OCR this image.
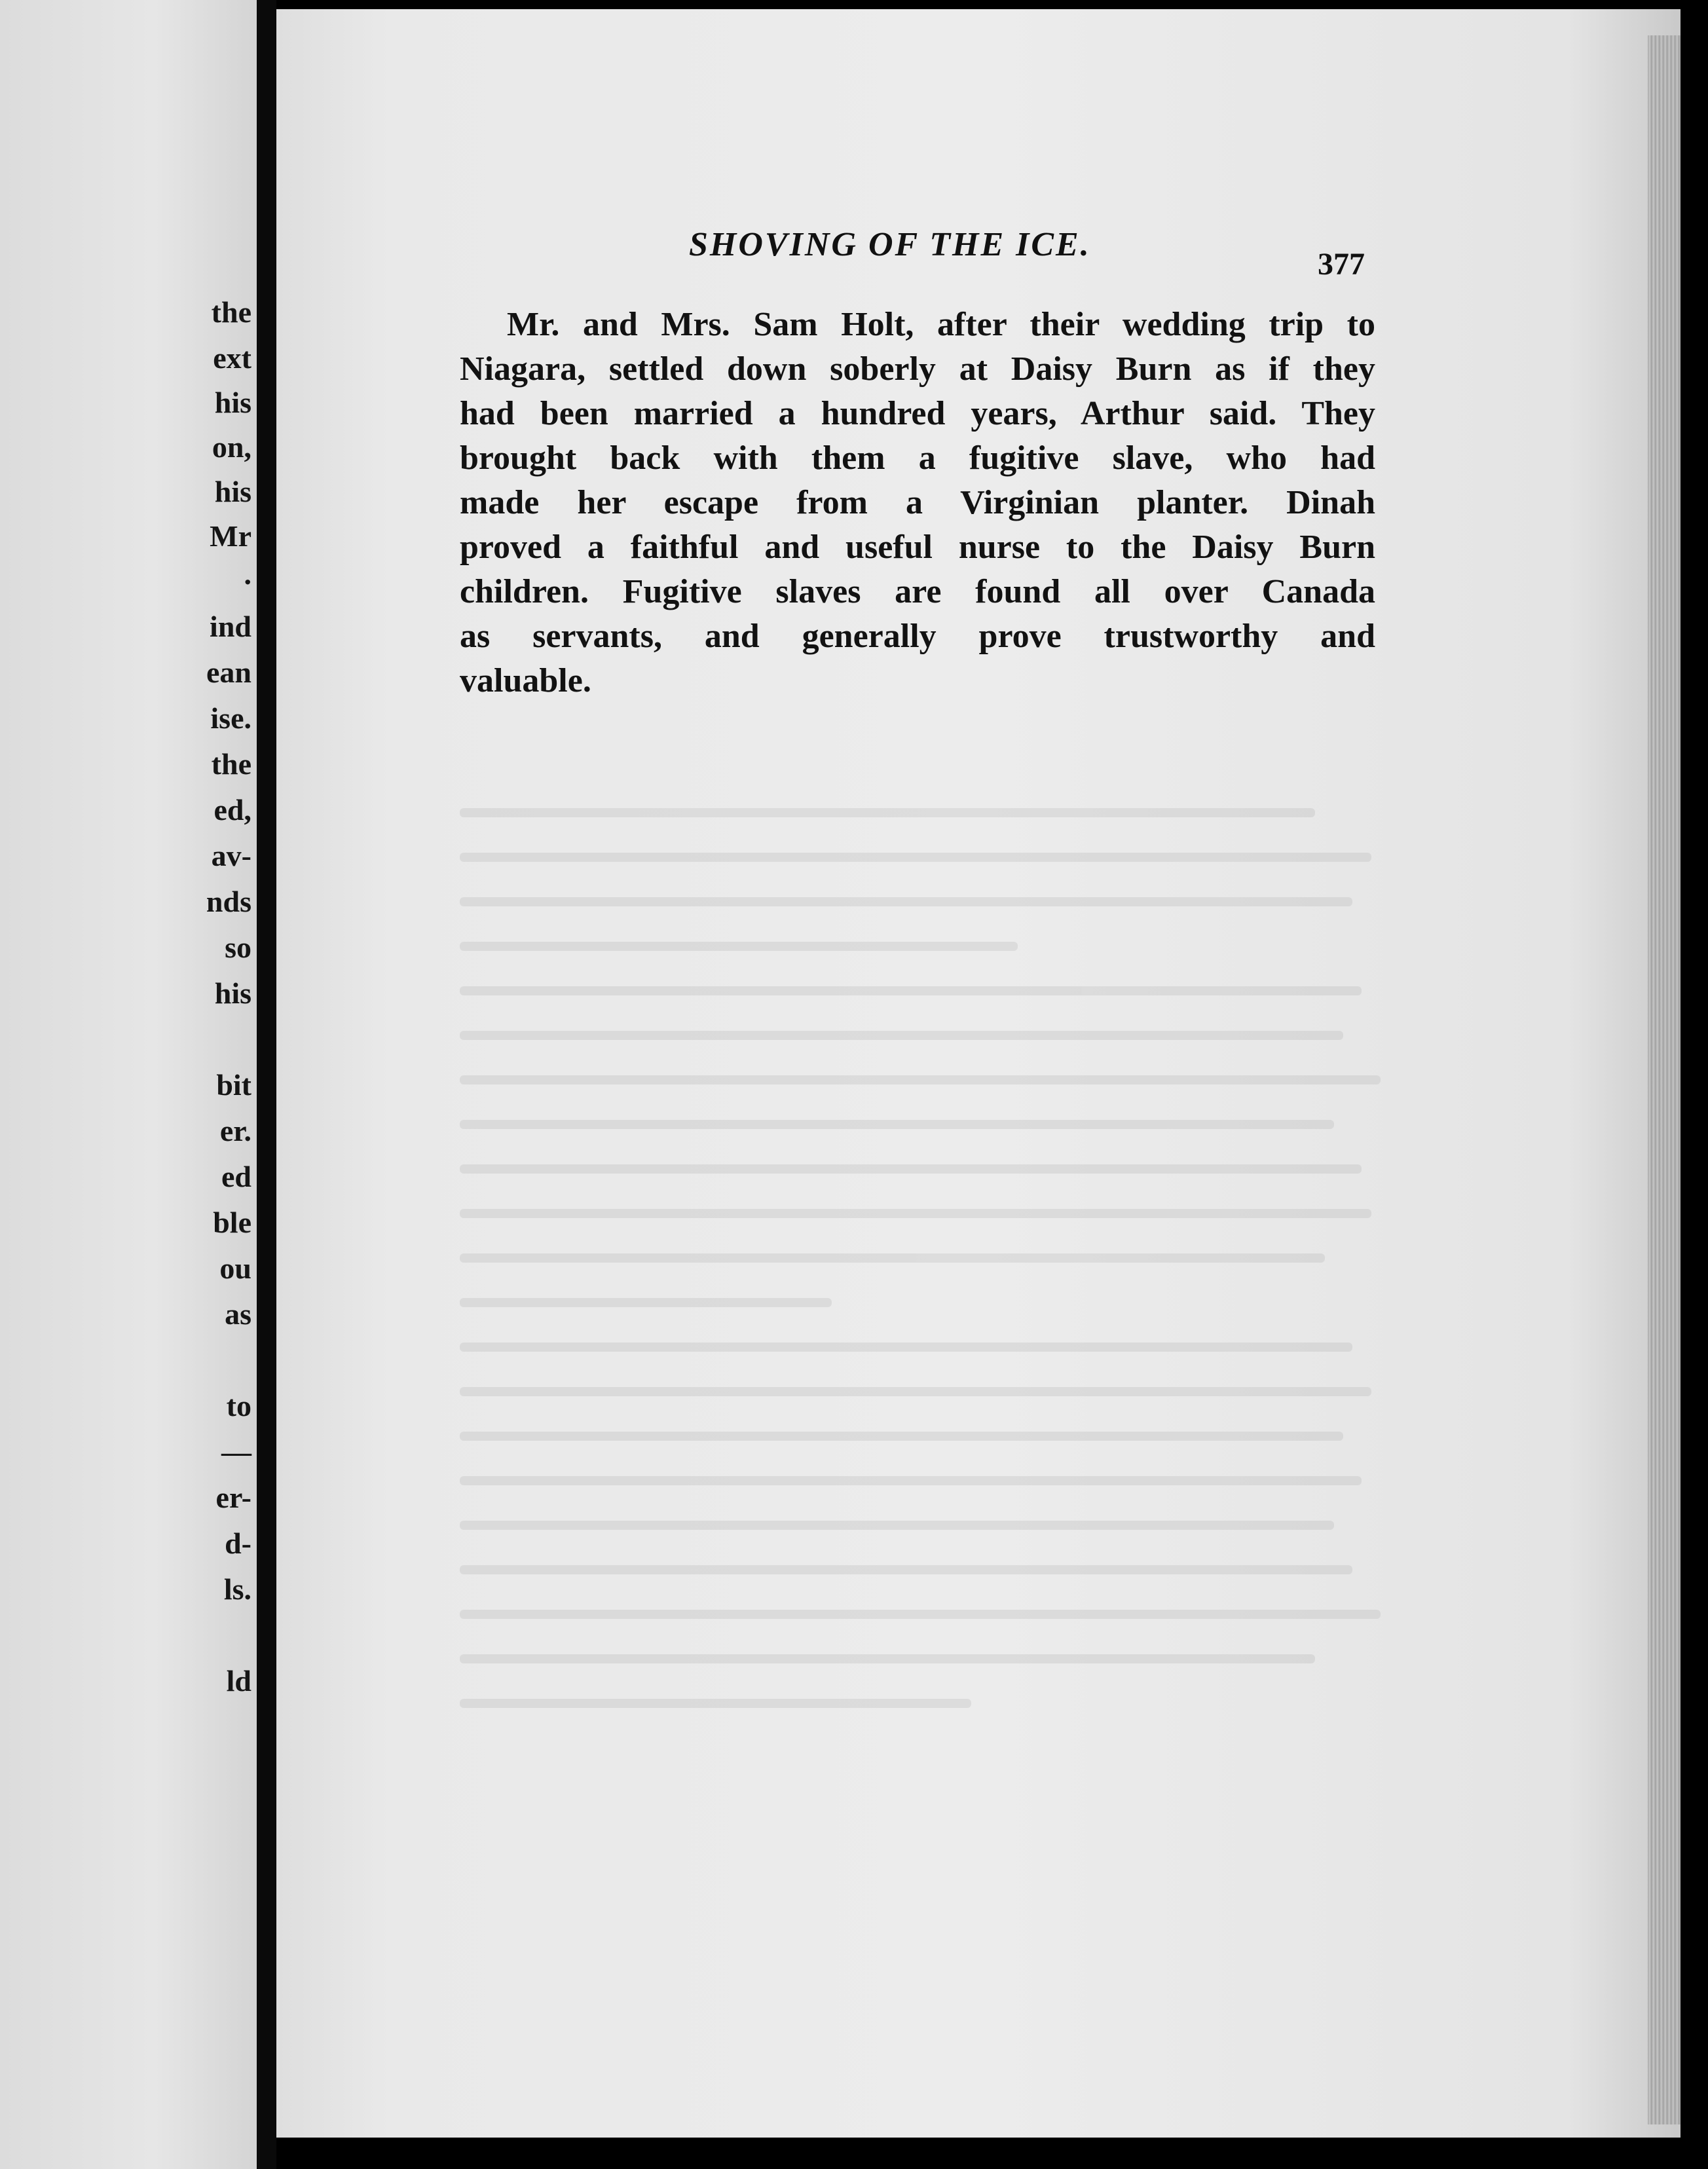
the
ext
his
on,
his
Mr
.
ind
ean
ise.
the
ed,
av-
nds
so
his
bit
er.
ed
ble
ou
as
to
—
er-
d-
ls.
ld
SHOVING OF THE ICE.
377
Mr. and Mrs. Sam Holt, after their wedding trip to
Niagara, settled down soberly at Daisy Burn as if they
had been married a hundred years, Arthur said. They
brought back with them a fugitive slave, who had
made her escape from a Virginian planter. Dinah
proved a faithful and useful nurse to the Daisy Burn
children. Fugitive slaves are found all over Canada
as servants, and generally prove trustworthy and
valuable.
